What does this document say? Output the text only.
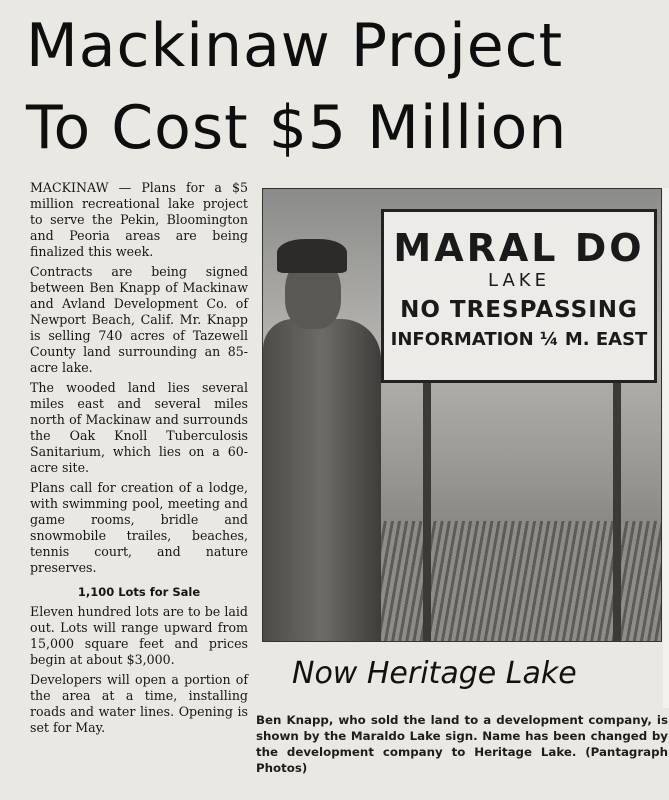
Mackinaw Project
To Cost $5 Million

MACKINAW — Plans for a $5 million recreational lake project to serve the Pekin, Bloomington and Peoria areas are being finalized this week.

Contracts are being signed between Ben Knapp of Mackinaw and Avland Development Co. of Newport Beach, Calif. Mr. Knapp is selling 740 acres of Tazewell County land surrounding an 85-acre lake.

The wooded land lies several miles east and several miles north of Mackinaw and surrounds the Oak Knoll Tuberculosis Sanitarium, which lies on a 60-acre site.

Plans call for creation of a lodge, with swimming pool, meeting and game rooms, bridle and snowmobile trailes, beaches, tennis court, and nature preserves.

1,100 Lots for Sale

Eleven hundred lots are to be laid out. Lots will range upward from 15,000 square feet and prices begin at about $3,000.

Developers will open a portion of the area at a time, installing roads and water lines. Opening is set for May.

MARAL DO
LAKE
NO TRESPASSING
INFORMATION ¼ M. EAST
Now Heritage Lake
Ben Knapp, who sold the land to a development company, is shown by the Maraldo Lake sign. Name has been changed by the development company to Heritage Lake. (Pantagraph Photos)
